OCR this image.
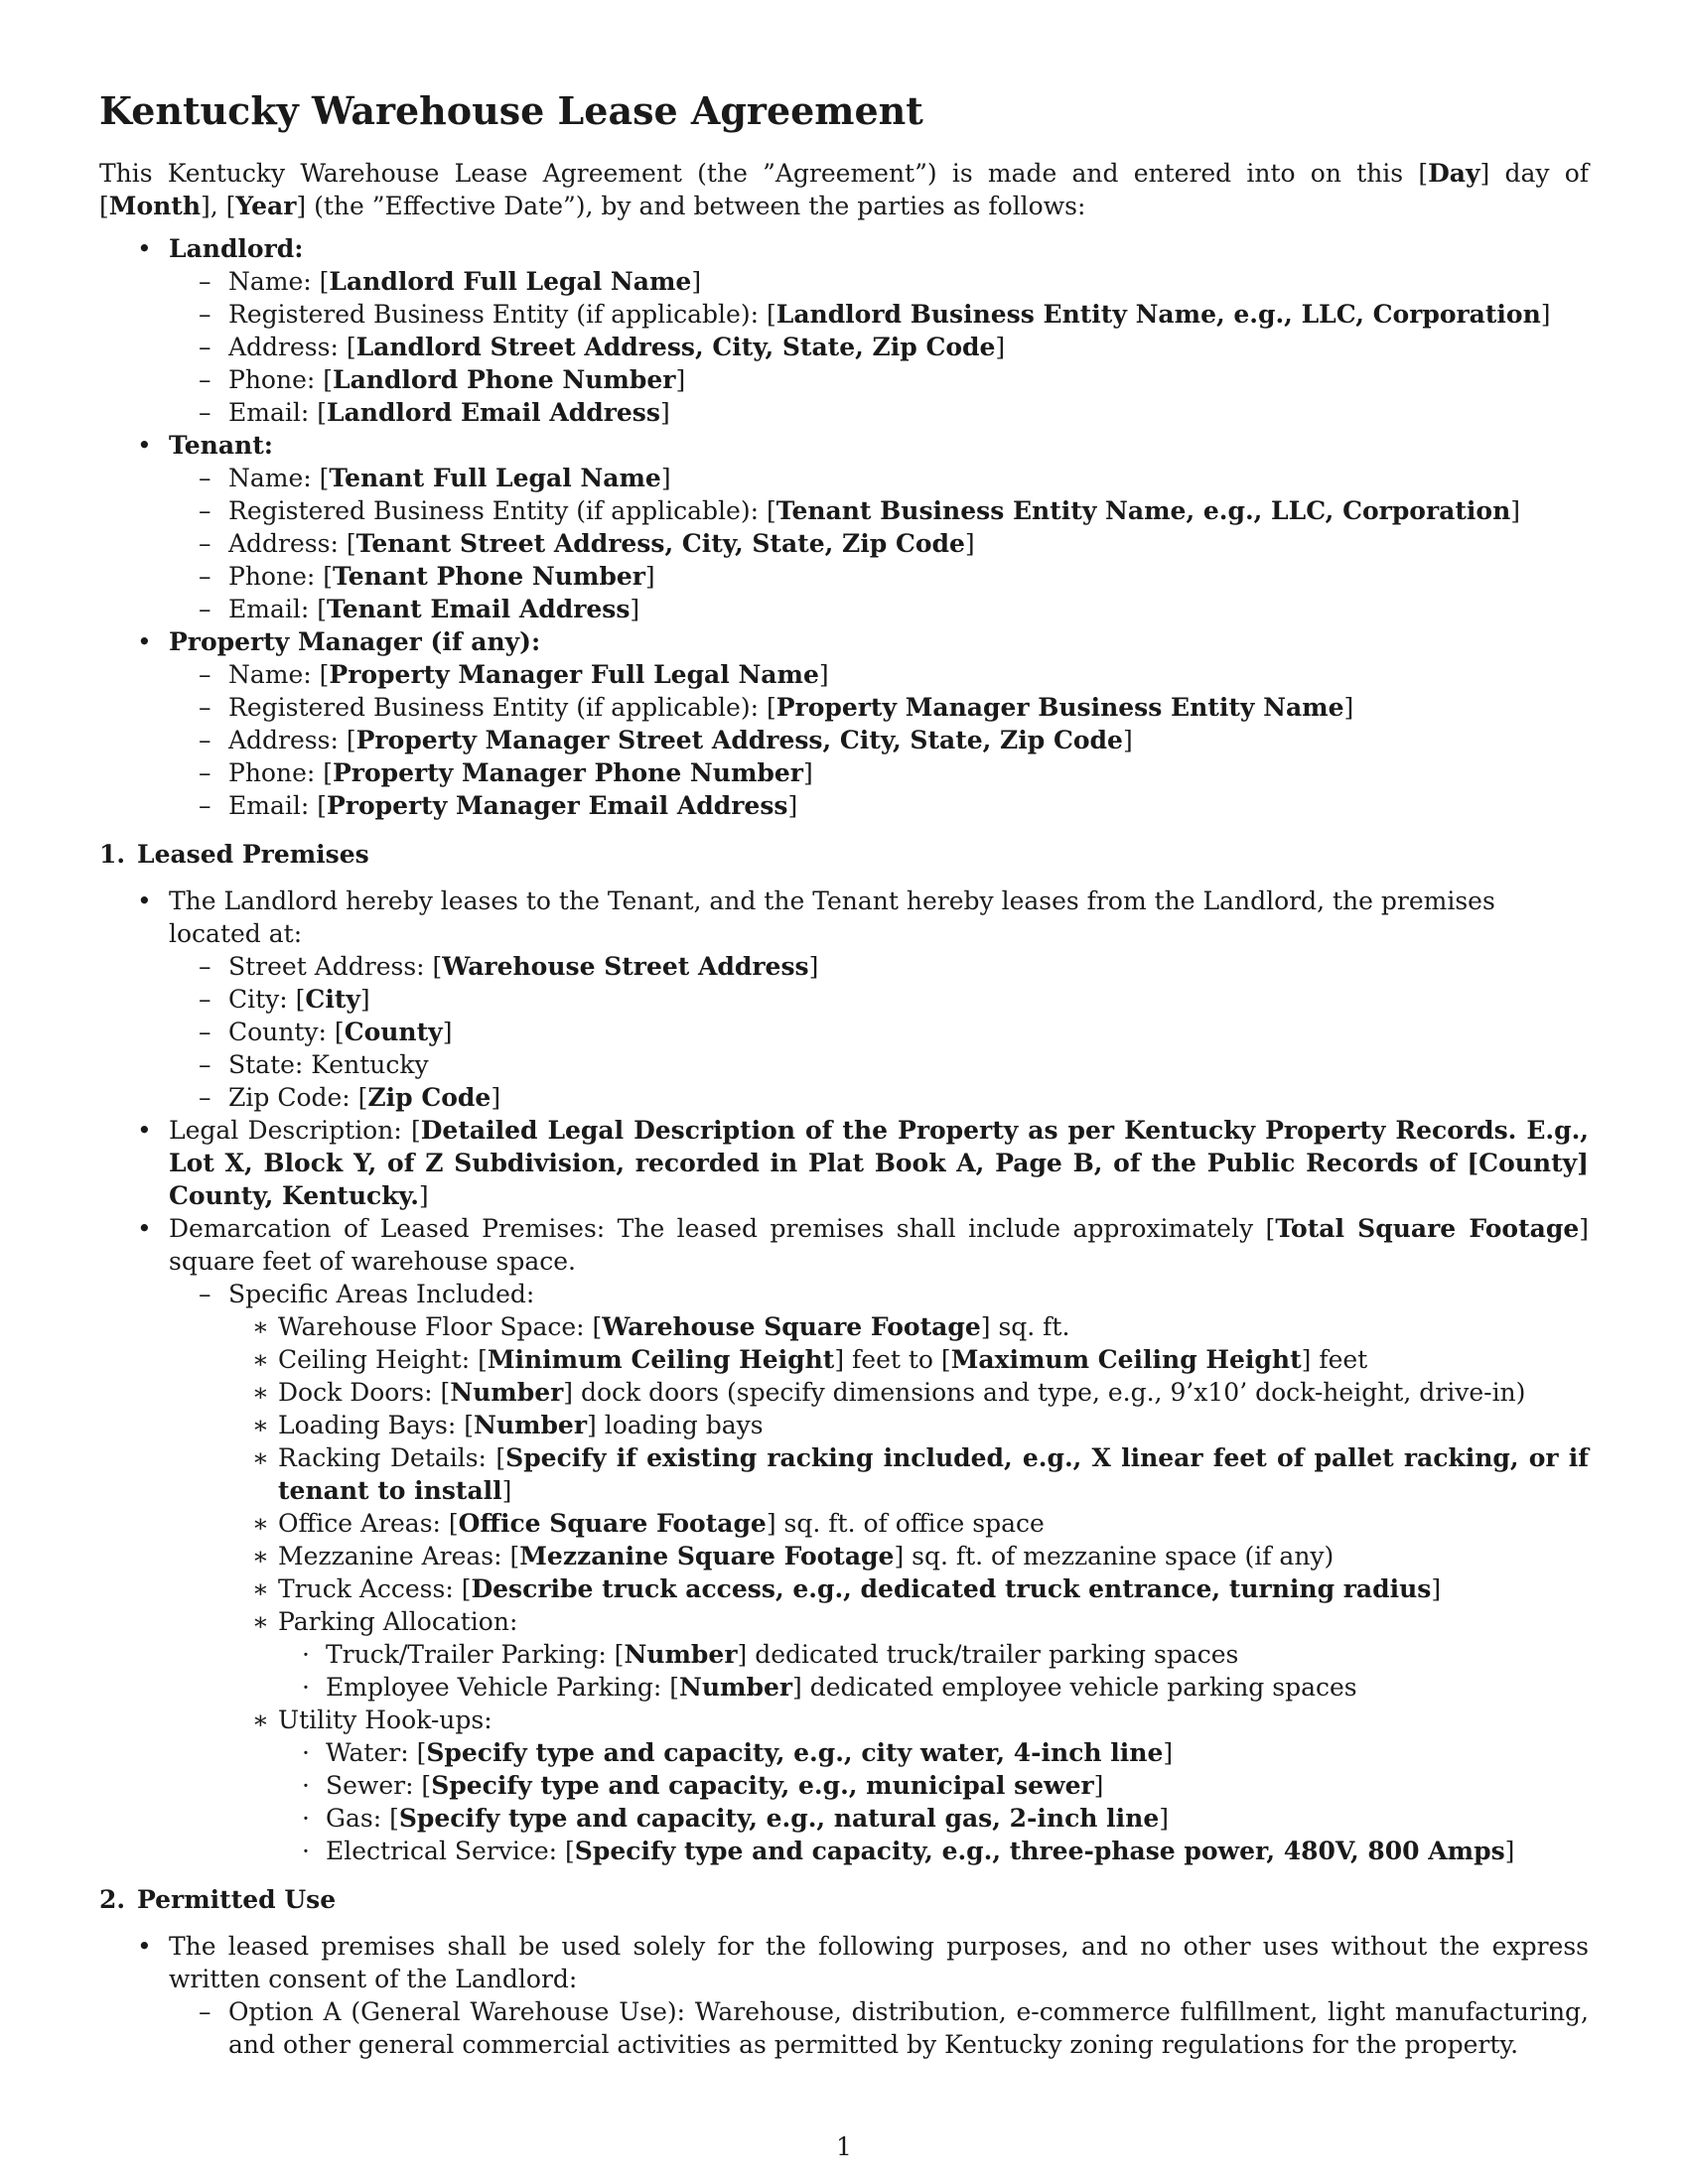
Kentucky Warehouse Lease Agreement

This Kentucky Warehouse Lease Agreement (the ”Agreement”) is made and entered into on this [Day] day of [Month], [Year] (the ”Effective Date”), by and between the parties as follows:

• Landlord:
– Name: [Landlord Full Legal Name]
– Registered Business Entity (if applicable): [Landlord Business Entity Name, e.g., LLC, Corporation]
– Address: [Landlord Street Address, City, State, Zip Code]
– Phone: [Landlord Phone Number]
– Email: [Landlord Email Address]
• Tenant:
– Name: [Tenant Full Legal Name]
– Registered Business Entity (if applicable): [Tenant Business Entity Name, e.g., LLC, Corporation]
– Address: [Tenant Street Address, City, State, Zip Code]
– Phone: [Tenant Phone Number]
– Email: [Tenant Email Address]
• Property Manager (if any):
– Name: [Property Manager Full Legal Name]
– Registered Business Entity (if applicable): [Property Manager Business Entity Name]
– Address: [Property Manager Street Address, City, State, Zip Code]
– Phone: [Property Manager Phone Number]
– Email: [Property Manager Email Address]
1. Leased Premises
• The Landlord hereby leases to the Tenant, and the Tenant hereby leases from the Landlord, the premises located at:
– Street Address: [Warehouse Street Address]
– City: [City]
– County: [County]
– State: Kentucky
– Zip Code: [Zip Code]
• Legal Description: [Detailed Legal Description of the Property as per Kentucky Property Records. E.g., Lot X, Block Y, of Z Subdivision, recorded in Plat Book A, Page B, of the Public Records of [County] County, Kentucky.]
• Demarcation of Leased Premises: The leased premises shall include approximately [Total Square Footage] square feet of warehouse space.
– Specific Areas Included:
∗ Warehouse Floor Space: [Warehouse Square Footage] sq. ft.
∗ Ceiling Height: [Minimum Ceiling Height] feet to [Maximum Ceiling Height] feet
∗ Dock Doors: [Number] dock doors (specify dimensions and type, e.g., 9’x10’ dock-height, drive-in)
∗ Loading Bays: [Number] loading bays
∗ Racking Details: [Specify if existing racking included, e.g., X linear feet of pallet racking, or if tenant to install]
∗ Office Areas: [Office Square Footage] sq. ft. of office space
∗ Mezzanine Areas: [Mezzanine Square Footage] sq. ft. of mezzanine space (if any)
∗ Truck Access: [Describe truck access, e.g., dedicated truck entrance, turning radius]
∗ Parking Allocation:
· Truck/Trailer Parking: [Number] dedicated truck/trailer parking spaces
· Employee Vehicle Parking: [Number] dedicated employee vehicle parking spaces
∗ Utility Hook-ups:
· Water: [Specify type and capacity, e.g., city water, 4-inch line]
· Sewer: [Specify type and capacity, e.g., municipal sewer]
· Gas: [Specify type and capacity, e.g., natural gas, 2-inch line]
· Electrical Service: [Specify type and capacity, e.g., three-phase power, 480V, 800 Amps]
2. Permitted Use
• The leased premises shall be used solely for the following purposes, and no other uses without the express written consent of the Landlord:
– Option A (General Warehouse Use): Warehouse, distribution, e-commerce fulfillment, light manufacturing, and other general commercial activities as permitted by Kentucky zoning regulations for the property.
1
